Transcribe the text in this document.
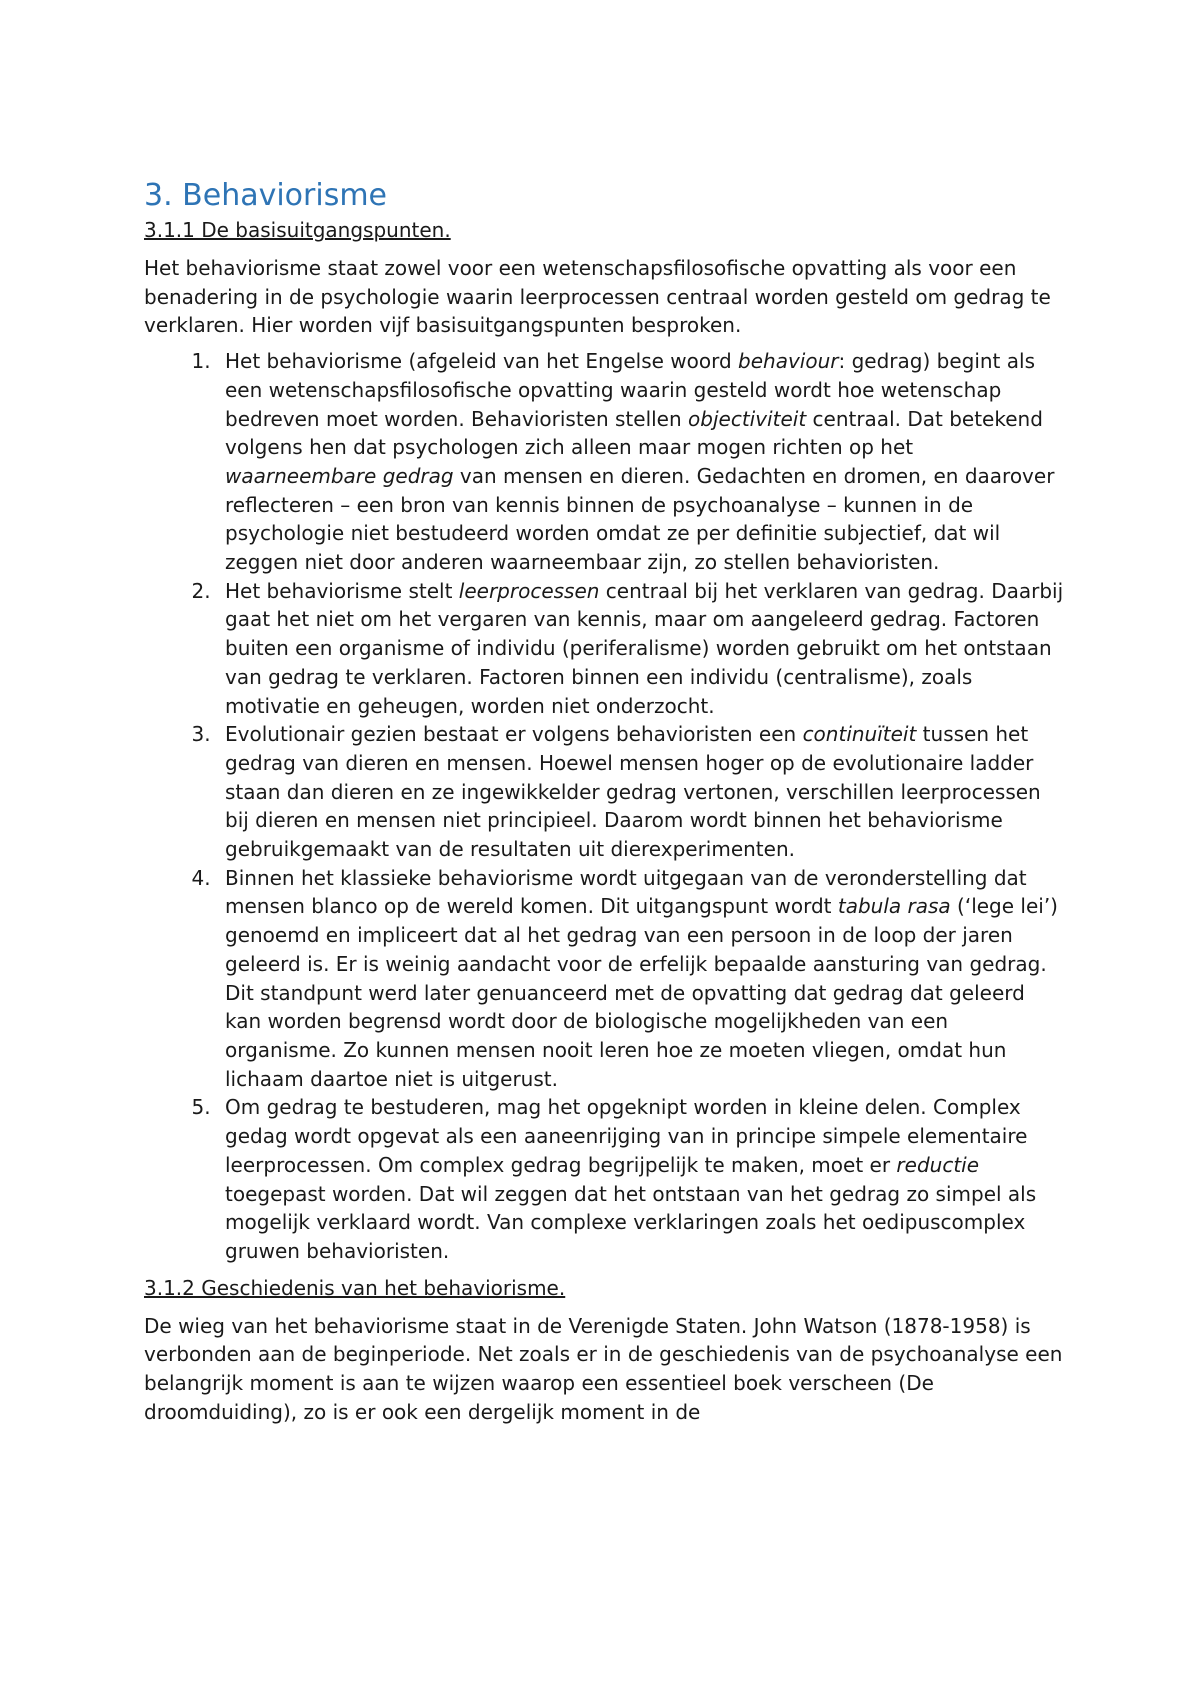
3. Behaviorisme
3.1.1 De basisuitgangspunten.

Het behaviorisme staat zowel voor een wetenschapsfilosofische opvatting als voor een benadering in de psychologie waarin leerprocessen centraal worden gesteld om gedrag te verklaren. Hier worden vijf basisuitgangspunten besproken.

1. Het behaviorisme (afgeleid van het Engelse woord behaviour: gedrag) begint als een wetenschapsfilosofische opvatting waarin gesteld wordt hoe wetenschap bedreven moet worden. Behavioristen stellen objectiviteit centraal. Dat betekend volgens hen dat psychologen zich alleen maar mogen richten op het waarneembare gedrag van mensen en dieren. Gedachten en dromen, en daarover reflecteren – een bron van kennis binnen de psychoanalyse – kunnen in de psychologie niet bestudeerd worden omdat ze per definitie subjectief, dat wil zeggen niet door anderen waarneembaar zijn, zo stellen behavioristen.
2. Het behaviorisme stelt leerprocessen centraal bij het verklaren van gedrag. Daarbij gaat het niet om het vergaren van kennis, maar om aangeleerd gedrag. Factoren buiten een organisme of individu (periferalisme) worden gebruikt om het ontstaan van gedrag te verklaren. Factoren binnen een individu (centralisme), zoals motivatie en geheugen, worden niet onderzocht.
3. Evolutionair gezien bestaat er volgens behavioristen een continuïteit tussen het gedrag van dieren en mensen. Hoewel mensen hoger op de evolutionaire ladder staan dan dieren en ze ingewikkelder gedrag vertonen, verschillen leerprocessen bij dieren en mensen niet principieel. Daarom wordt binnen het behaviorisme gebruikgemaakt van de resultaten uit dierexperimenten.
4. Binnen het klassieke behaviorisme wordt uitgegaan van de veronderstelling dat mensen blanco op de wereld komen. Dit uitgangspunt wordt tabula rasa (‘lege lei’) genoemd en impliceert dat al het gedrag van een persoon in de loop der jaren geleerd is. Er is weinig aandacht voor de erfelijk bepaalde aansturing van gedrag. Dit standpunt werd later genuanceerd met de opvatting dat gedrag dat geleerd kan worden begrensd wordt door de biologische mogelijkheden van een organisme. Zo kunnen mensen nooit leren hoe ze moeten vliegen, omdat hun lichaam daartoe niet is uitgerust.
5. Om gedrag te bestuderen, mag het opgeknipt worden in kleine delen. Complex gedag wordt opgevat als een aaneenrijging van in principe simpele elementaire leerprocessen. Om complex gedrag begrijpelijk te maken, moet er reductie toegepast worden. Dat wil zeggen dat het ontstaan van het gedrag zo simpel als mogelijk verklaard wordt. Van complexe verklaringen zoals het oedipuscomplex gruwen behavioristen.
3.1.2 Geschiedenis van het behaviorisme.

De wieg van het behaviorisme staat in de Verenigde Staten. John Watson (1878-1958) is verbonden aan de beginperiode. Net zoals er in de geschiedenis van de psychoanalyse een belangrijk moment is aan te wijzen waarop een essentieel boek verscheen (De droomduiding), zo is er ook een dergelijk moment in de
